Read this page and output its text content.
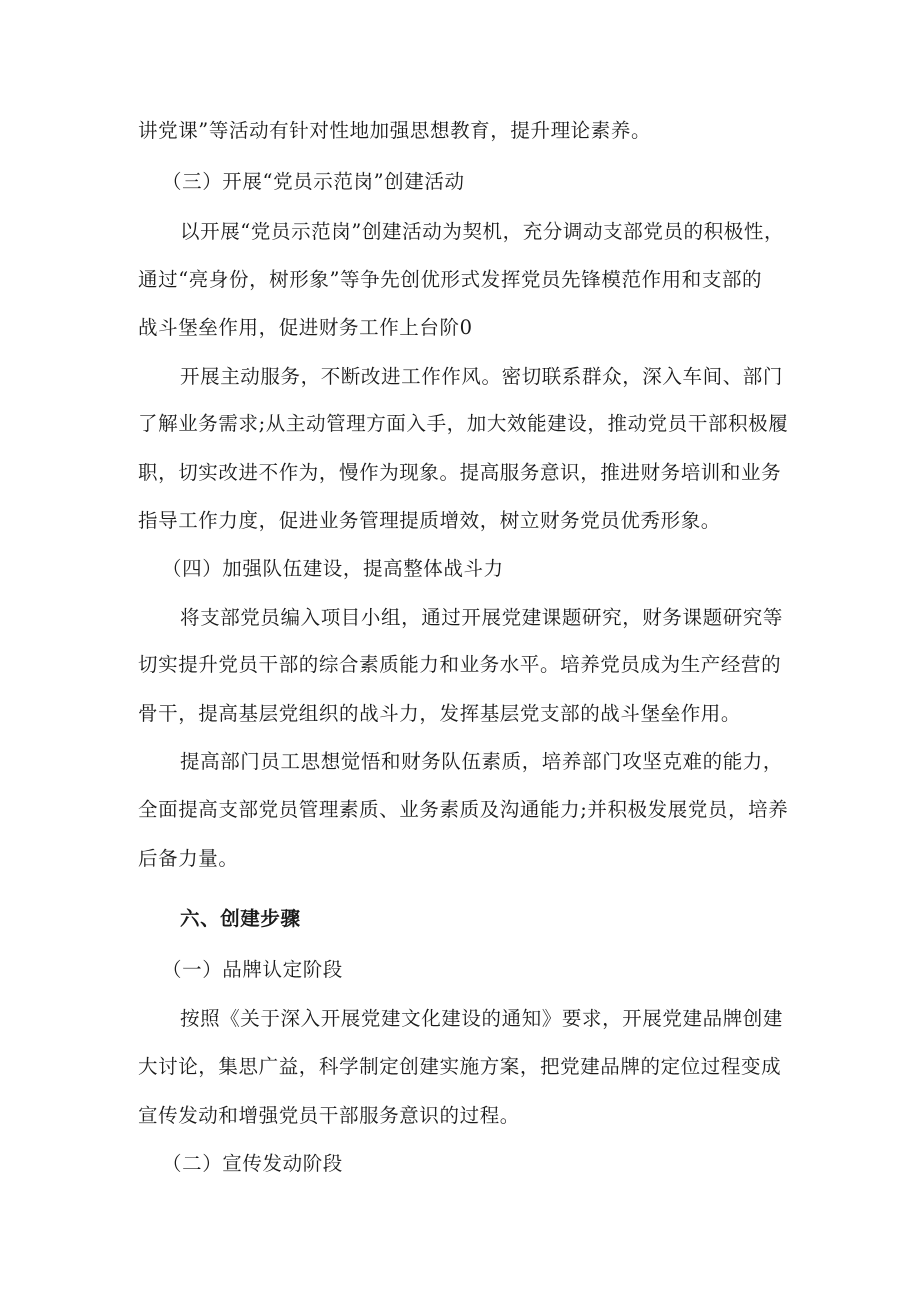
讲党课”等活动有针对性地加强思想教育，提升理论素养。
（三）开展“党员示范岗”创建活动
以开展“党员示范岗”创建活动为契机，充分调动支部党员的积极性，
通过“亮身份，树形象”等争先创优形式发挥党员先锋模范作用和支部的
战斗堡垒作用，促进财务工作上台阶0
开展主动服务，不断改进工作作风。密切联系群众，深入车间、部门
了解业务需求;从主动管理方面入手，加大效能建设，推动党员干部积极履
职，切实改进不作为，慢作为现象。提高服务意识，推进财务培训和业务
指导工作力度，促进业务管理提质增效，树立财务党员优秀形象。
（四）加强队伍建设，提高整体战斗力
将支部党员编入项目小组，通过开展党建课题研究，财务课题研究等
切实提升党员干部的综合素质能力和业务水平。培养党员成为生产经营的
骨干，提高基层党组织的战斗力，发挥基层党支部的战斗堡垒作用。
提高部门员工思想觉悟和财务队伍素质，培养部门攻坚克难的能力，
全面提高支部党员管理素质、业务素质及沟通能力;并积极发展党员，培养
后备力量。
六、创建步骤
（一）品牌认定阶段
按照《关于深入开展党建文化建设的通知》要求，开展党建品牌创建
大讨论，集思广益，科学制定创建实施方案，把党建品牌的定位过程变成
宣传发动和增强党员干部服务意识的过程。
（二）宣传发动阶段
